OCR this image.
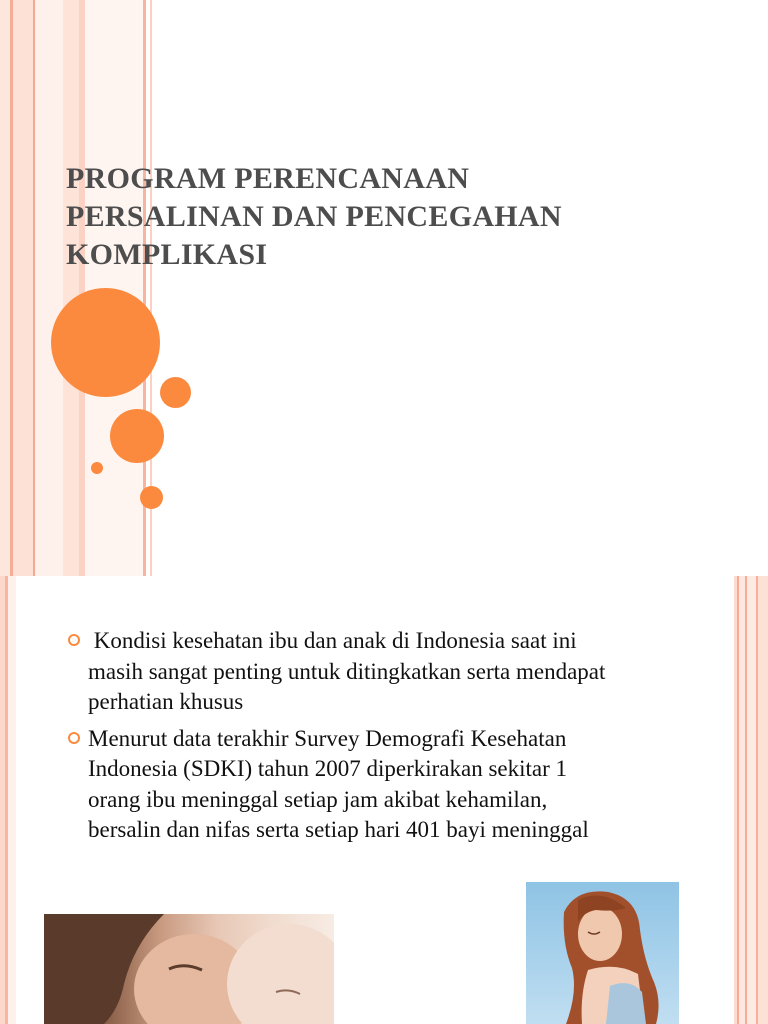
PROGRAM PERENCANAAN
PERSALINAN DAN PENCEGAHAN
KOMPLIKASI
Kondisi kesehatan ibu dan anak di Indonesia saat ini
masih sangat penting untuk ditingkatkan serta mendapat
perhatian khusus
Menurut data terakhir Survey Demografi Kesehatan
Indonesia (SDKI) tahun 2007 diperkirakan sekitar 1
orang ibu meninggal setiap jam akibat kehamilan,
bersalin dan nifas serta setiap hari 401 bayi meninggal
